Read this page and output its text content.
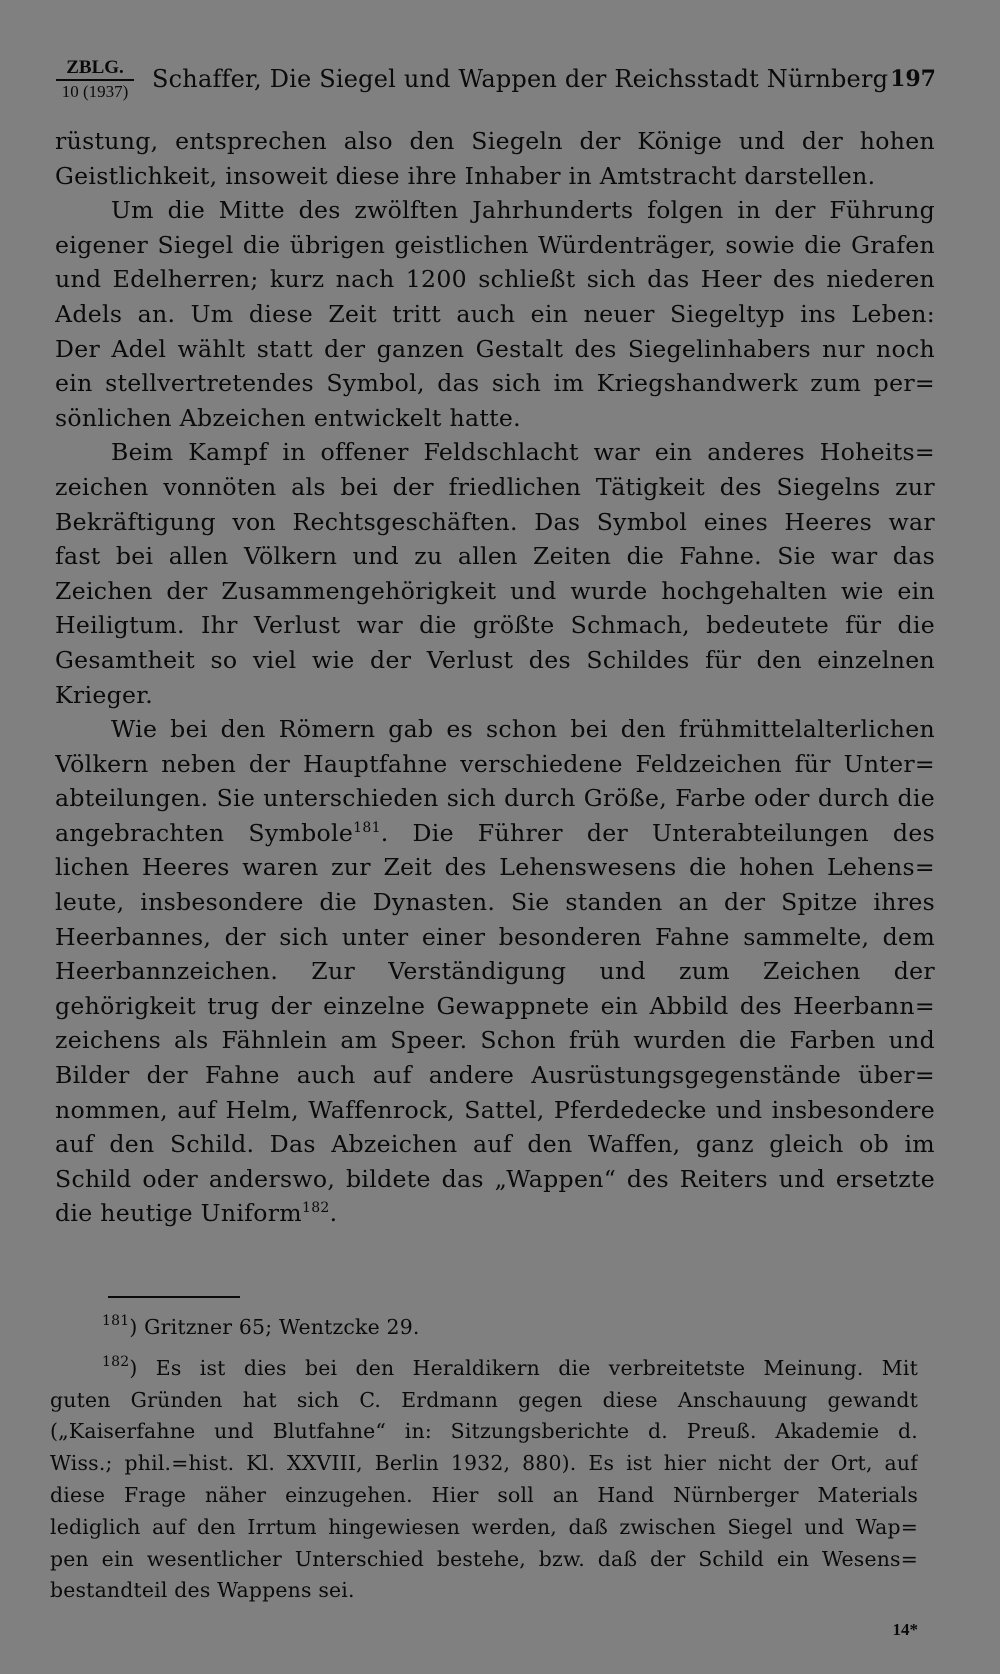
ZBLG.
10 (1937) Schaffer, Die Siegel und Wappen der Reichsstadt Nürnberg 197
rüstung, entsprechen also den Siegeln der Könige und der hohen
Geistlichkeit, insoweit diese ihre Inhaber in Amtstracht darstellen.
Um die Mitte des zwölften Jahrhunderts folgen in der Führung
eigener Siegel die übrigen geistlichen Würdenträger, sowie die Grafen
und Edelherren; kurz nach 1200 schließt sich das Heer des niederen
Adels an. Um diese Zeit tritt auch ein neuer Siegeltyp ins Leben:
Der Adel wählt statt der ganzen Gestalt des Siegelinhabers nur noch
ein stellvertretendes Symbol, das sich im Kriegshandwerk zum per=
sönlichen Abzeichen entwickelt hatte.
Beim Kampf in offener Feldschlacht war ein anderes Hoheits=
zeichen vonnöten als bei der friedlichen Tätigkeit des Siegelns zur
Bekräftigung von Rechtsgeschäften. Das Symbol eines Heeres war
fast bei allen Völkern und zu allen Zeiten die Fahne. Sie war das
Zeichen der Zusammengehörigkeit und wurde hochgehalten wie ein
Heiligtum. Ihr Verlust war die größte Schmach, bedeutete für die
Gesamtheit so viel wie der Verlust des Schildes für den einzelnen
Krieger.
Wie bei den Römern gab es schon bei den frühmittelalterlichen
Völkern neben der Hauptfahne verschiedene Feldzeichen für Unter=
abteilungen. Sie unterschieden sich durch Größe, Farbe oder durch die
angebrachten Symbole$^{181}$. Die Führer der Unterabteilungen des
lichen Heeres waren zur Zeit des Lehenswesens die hohen Lehens=
leute, insbesondere die Dynasten. Sie standen an der Spitze ihres
Heerbannes, der sich unter einer besonderen Fahne sammelte, dem
Heerbannzeichen. Zur Verständigung und zum Zeichen der
gehörigkeit trug der einzelne Gewappnete ein Abbild des Heerbann=
zeichens als Fähnlein am Speer. Schon früh wurden die Farben und
Bilder der Fahne auch auf andere Ausrüstungsgegenstände über=
nommen, auf Helm, Waffenrock, Sattel, Pferdedecke und insbesondere
auf den Schild. Das Abzeichen auf den Waffen, ganz gleich ob im
Schild oder anderswo, bildete das „Wappen“ des Reiters und ersetzte
die heutige Uniform$^{182}$.
$^{181}$) Gritzner 65; Wentzcke 29.
$^{182}$) Es ist dies bei den Heraldikern die verbreitetste Meinung. Mit
guten Gründen hat sich C. Erdmann gegen diese Anschauung gewandt
(„Kaiserfahne und Blutfahne“ in: Sitzungsberichte d. Preuß. Akademie d.
Wiss.; phil.=hist. Kl. XXVIII, Berlin 1932, 880). Es ist hier nicht der Ort, auf
diese Frage näher einzugehen. Hier soll an Hand Nürnberger Materials
lediglich auf den Irrtum hingewiesen werden, daß zwischen Siegel und Wap=
pen ein wesentlicher Unterschied bestehe, bzw. daß der Schild ein Wesens=
bestandteil des Wappens sei.
14*
